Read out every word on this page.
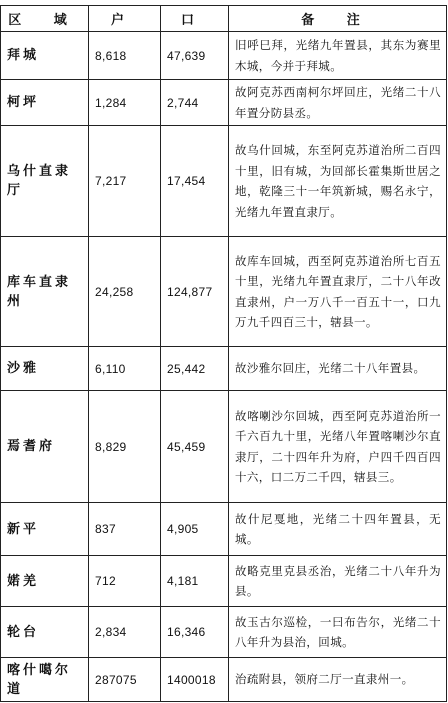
区 域	户	口	备 注
拜城	8,618	47,639	旧呼巳拜，光绪九年置县，其东为赛里木城，今并于拜城。
柯坪	1,284	2,744	故阿克苏西南柯尔坪回庄，光绪二十八年置分防县丞。
乌什直隶厅	7,217	17,454	故乌什回城，东至阿克苏道治所二百四十里，旧有城，为回部长霍集斯世居之地，乾隆三十一年筑新城，赐名永宁，光绪九年置直隶厅。
库车直隶州	24,258	124,877	故库车回城，西至阿克苏道治所七百五十里，光绪九年置直隶厅，二十八年改直隶州，户一万八千一百五十一，口九万九千四百三十，辖县一。
沙雅	6,110	25,442	故沙雅尔回庄，光绪二十八年置县。
焉耆府	8,829	45,459	故喀喇沙尔回城，西至阿克苏道治所一千六百九十里，光绪八年置喀喇沙尔直隶厅，二十四年升为府，户四千四百四十六，口二万二千四，辖县三。
新平	837	4,905	故什尼戛地，光绪二十四年置县，无城。
婼羌	712	4,181	故略克里克县丞治，光绪二十八年升为县。
轮台	2,834	16,346	故玉古尔巡检，一曰布告尔，光绪二十八年升为县治，回城。
喀什噶尔道	287075	1400018	治疏附县，领府二厅一直隶州一。
